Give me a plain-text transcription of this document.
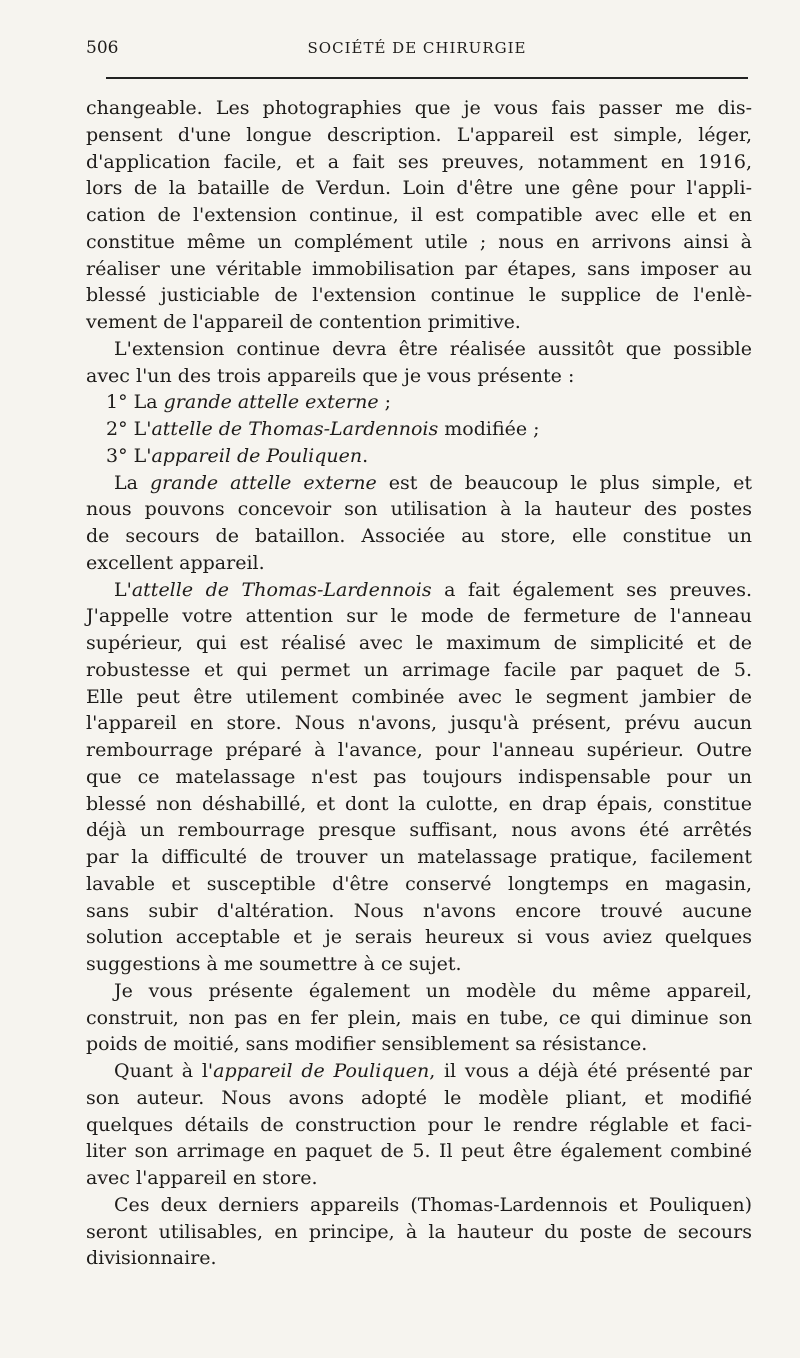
506	SOCIÉTÉ DE CHIRURGIE
changeable. Les photographies que je vous fais passer me dis-
pensent d'une longue description. L'appareil est simple, léger,
d'application facile, et a fait ses preuves, notamment en 1916,
lors de la bataille de Verdun. Loin d'être une gêne pour l'appli-
cation de l'extension continue, il est compatible avec elle et en
constitue même un complément utile ; nous en arrivons ainsi à
réaliser une véritable immobilisation par étapes, sans imposer au
blessé justiciable de l'extension continue le supplice de l'enlè-
vement de l'appareil de contention primitive.
L'extension continue devra être réalisée aussitôt que possible
avec l'un des trois appareils que je vous présente :
1° La grande attelle externe ;
2° L'attelle de Thomas-Lardennois modifiée ;
3° L'appareil de Pouliquen.
La grande attelle externe est de beaucoup le plus simple, et
nous pouvons concevoir son utilisation à la hauteur des postes
de secours de bataillon. Associée au store, elle constitue un
excellent appareil.
L'attelle de Thomas-Lardennois a fait également ses preuves.
J'appelle votre attention sur le mode de fermeture de l'anneau
supérieur, qui est réalisé avec le maximum de simplicité et de
robustesse et qui permet un arrimage facile par paquet de 5.
Elle peut être utilement combinée avec le segment jambier de
l'appareil en store. Nous n'avons, jusqu'à présent, prévu aucun
rembourrage préparé à l'avance, pour l'anneau supérieur. Outre
que ce matelassage n'est pas toujours indispensable pour un
blessé non déshabillé, et dont la culotte, en drap épais, constitue
déjà un rembourrage presque suffisant, nous avons été arrêtés
par la difficulté de trouver un matelassage pratique, facilement
lavable et susceptible d'être conservé longtemps en magasin,
sans subir d'altération. Nous n'avons encore trouvé aucune
solution acceptable et je serais heureux si vous aviez quelques
suggestions à me soumettre à ce sujet.
Je vous présente également un modèle du même appareil,
construit, non pas en fer plein, mais en tube, ce qui diminue son
poids de moitié, sans modifier sensiblement sa résistance.
Quant à l'appareil de Pouliquen, il vous a déjà été présenté par
son auteur. Nous avons adopté le modèle pliant, et modifié
quelques détails de construction pour le rendre réglable et faci-
liter son arrimage en paquet de 5. Il peut être également combiné
avec l'appareil en store.
Ces deux derniers appareils (Thomas-Lardennois et Pouliquen)
seront utilisables, en principe, à la hauteur du poste de secours
divisionnaire.
